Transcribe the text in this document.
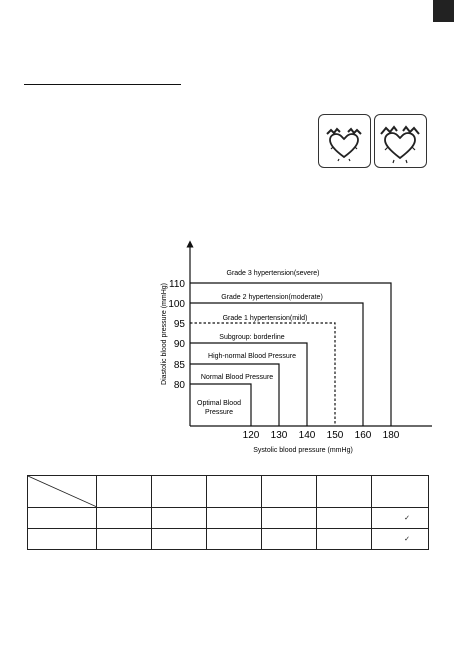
80
85
90
95
100
110
120 130 140 150 160 180
Grade 3 hypertension(severe)
Grade 2 hypertension(moderate)
Grade 1 hypertension(mild)
Subgroup: borderline
High-normal Blood Pressure
Normal Blood Pressure
Optimal Blood
Pressure
Systolic blood pressure (mmHg)
Diastolic blood pressure (mmHg)

						✓
						✓
